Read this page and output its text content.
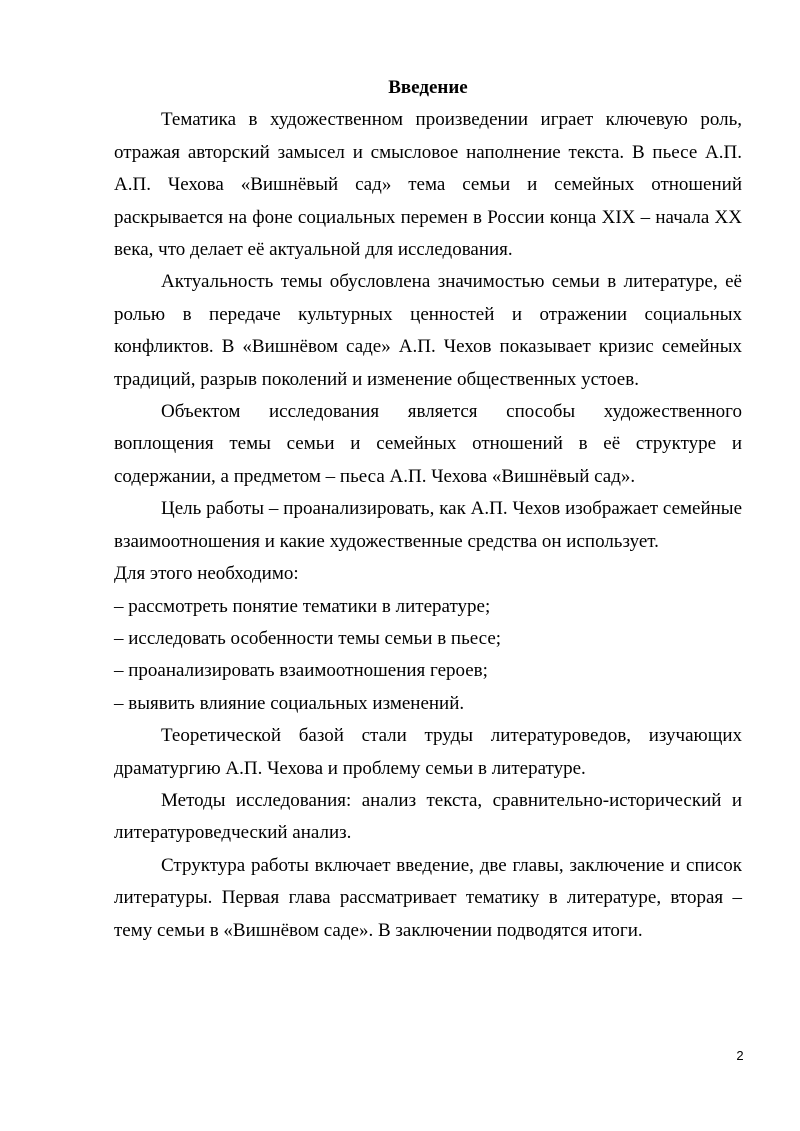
Введение

Тематика в художественном произведении играет ключевую роль, отражая авторский замысел и смысловое наполнение текста. В пьесе А.П. А.П. Чехова «Вишнёвый сад» тема семьи и семейных отношений раскрывается на фоне социальных перемен в России конца XIX – начала XX века, что делает её актуальной для исследования.

Актуальность темы обусловлена значимостью семьи в литературе, её ролью в передаче культурных ценностей и отражении социальных конфликтов. В «Вишнёвом саде» А.П. Чехов показывает кризис семейных традиций, разрыв поколений и изменение общественных устоев.

Объектом исследования является способы художественного воплощения темы семьи и семейных отношений в её структуре и содержании, а предметом – пьеса А.П. Чехова «Вишнёвый сад».

Цель работы – проанализировать, как А.П. Чехов изображает семейные взаимоотношения и какие художественные средства он использует.

Для этого необходимо:

– рассмотреть понятие тематики в литературе;

– исследовать особенности темы семьи в пьесе;

– проанализировать взаимоотношения героев;

– выявить влияние социальных изменений.

Теоретической базой стали труды литературоведов, изучающих драматургию А.П. Чехова и проблему семьи в литературе.

Методы исследования: анализ текста, сравнительно-исторический и литературоведческий анализ.

Структура работы включает введение, две главы, заключение и список литературы. Первая глава рассматривает тематику в литературе, вторая – тему семьи в «Вишнёвом саде». В заключении подводятся итоги.

2
